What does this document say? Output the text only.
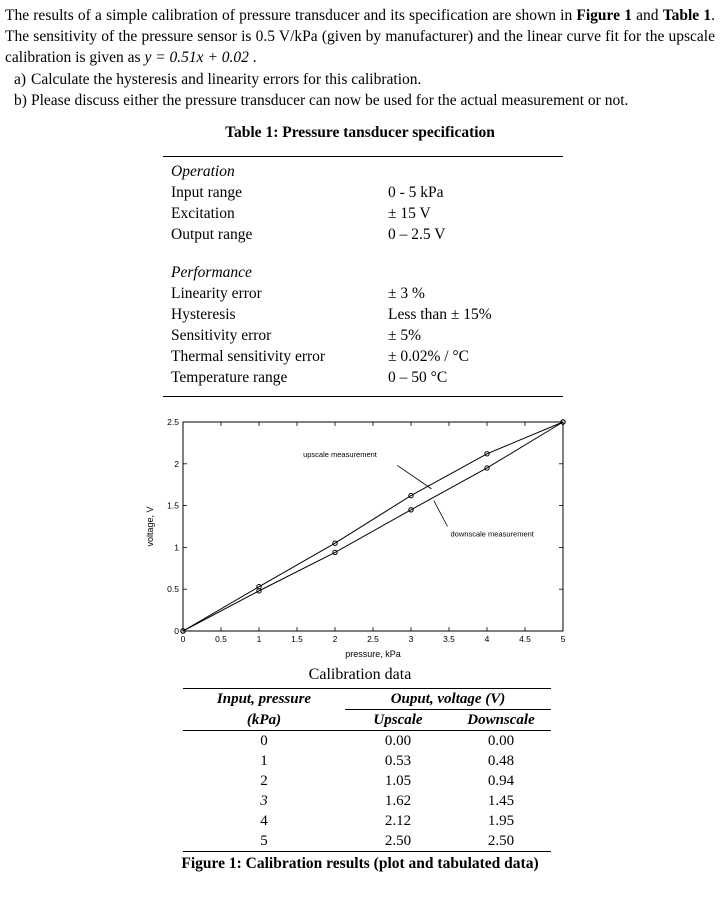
The results of a simple calibration of pressure transducer and its specification are shown in Figure 1 and Table 1. The sensitivity of the pressure sensor is 0.5 V/kPa (given by manufacturer) and the linear curve fit for the upscale calibration is given as y = 0.51x + 0.02 .

a) Calculate the hysteresis and linearity errors for this calibration.
b) Please discuss either the pressure transducer can now be used for the actual measurement or not.
Table 1: Pressure tansducer specification
Operation
Input range	0 - 5 kPa
Excitation	± 15 V
Output range	0 – 2.5 V
Performance
Linearity error	± 3 %
Hysteresis	Less than ± 15%
Sensitivity error	± 5%
Thermal sensitivity error	± 0.02% / °C
Temperature range	0 – 50 °C
0	0.5	1	1.5	2	2.5	3	3.5	4	4.5	5
0
0.5
1
1.5
2
2.5
upscale measurement
downscale measurement
pressure, kPa
voltage, V
Calibration data
Input, pressure	Ouput, voltage (V)	
(kPa)	Upscale	Downscale
0	0.00	0.00
1	0.53	0.48
2	1.05	0.94
3	1.62	1.45
4	2.12	1.95
5	2.50	2.50
Figure 1: Calibration results (plot and tabulated data)
